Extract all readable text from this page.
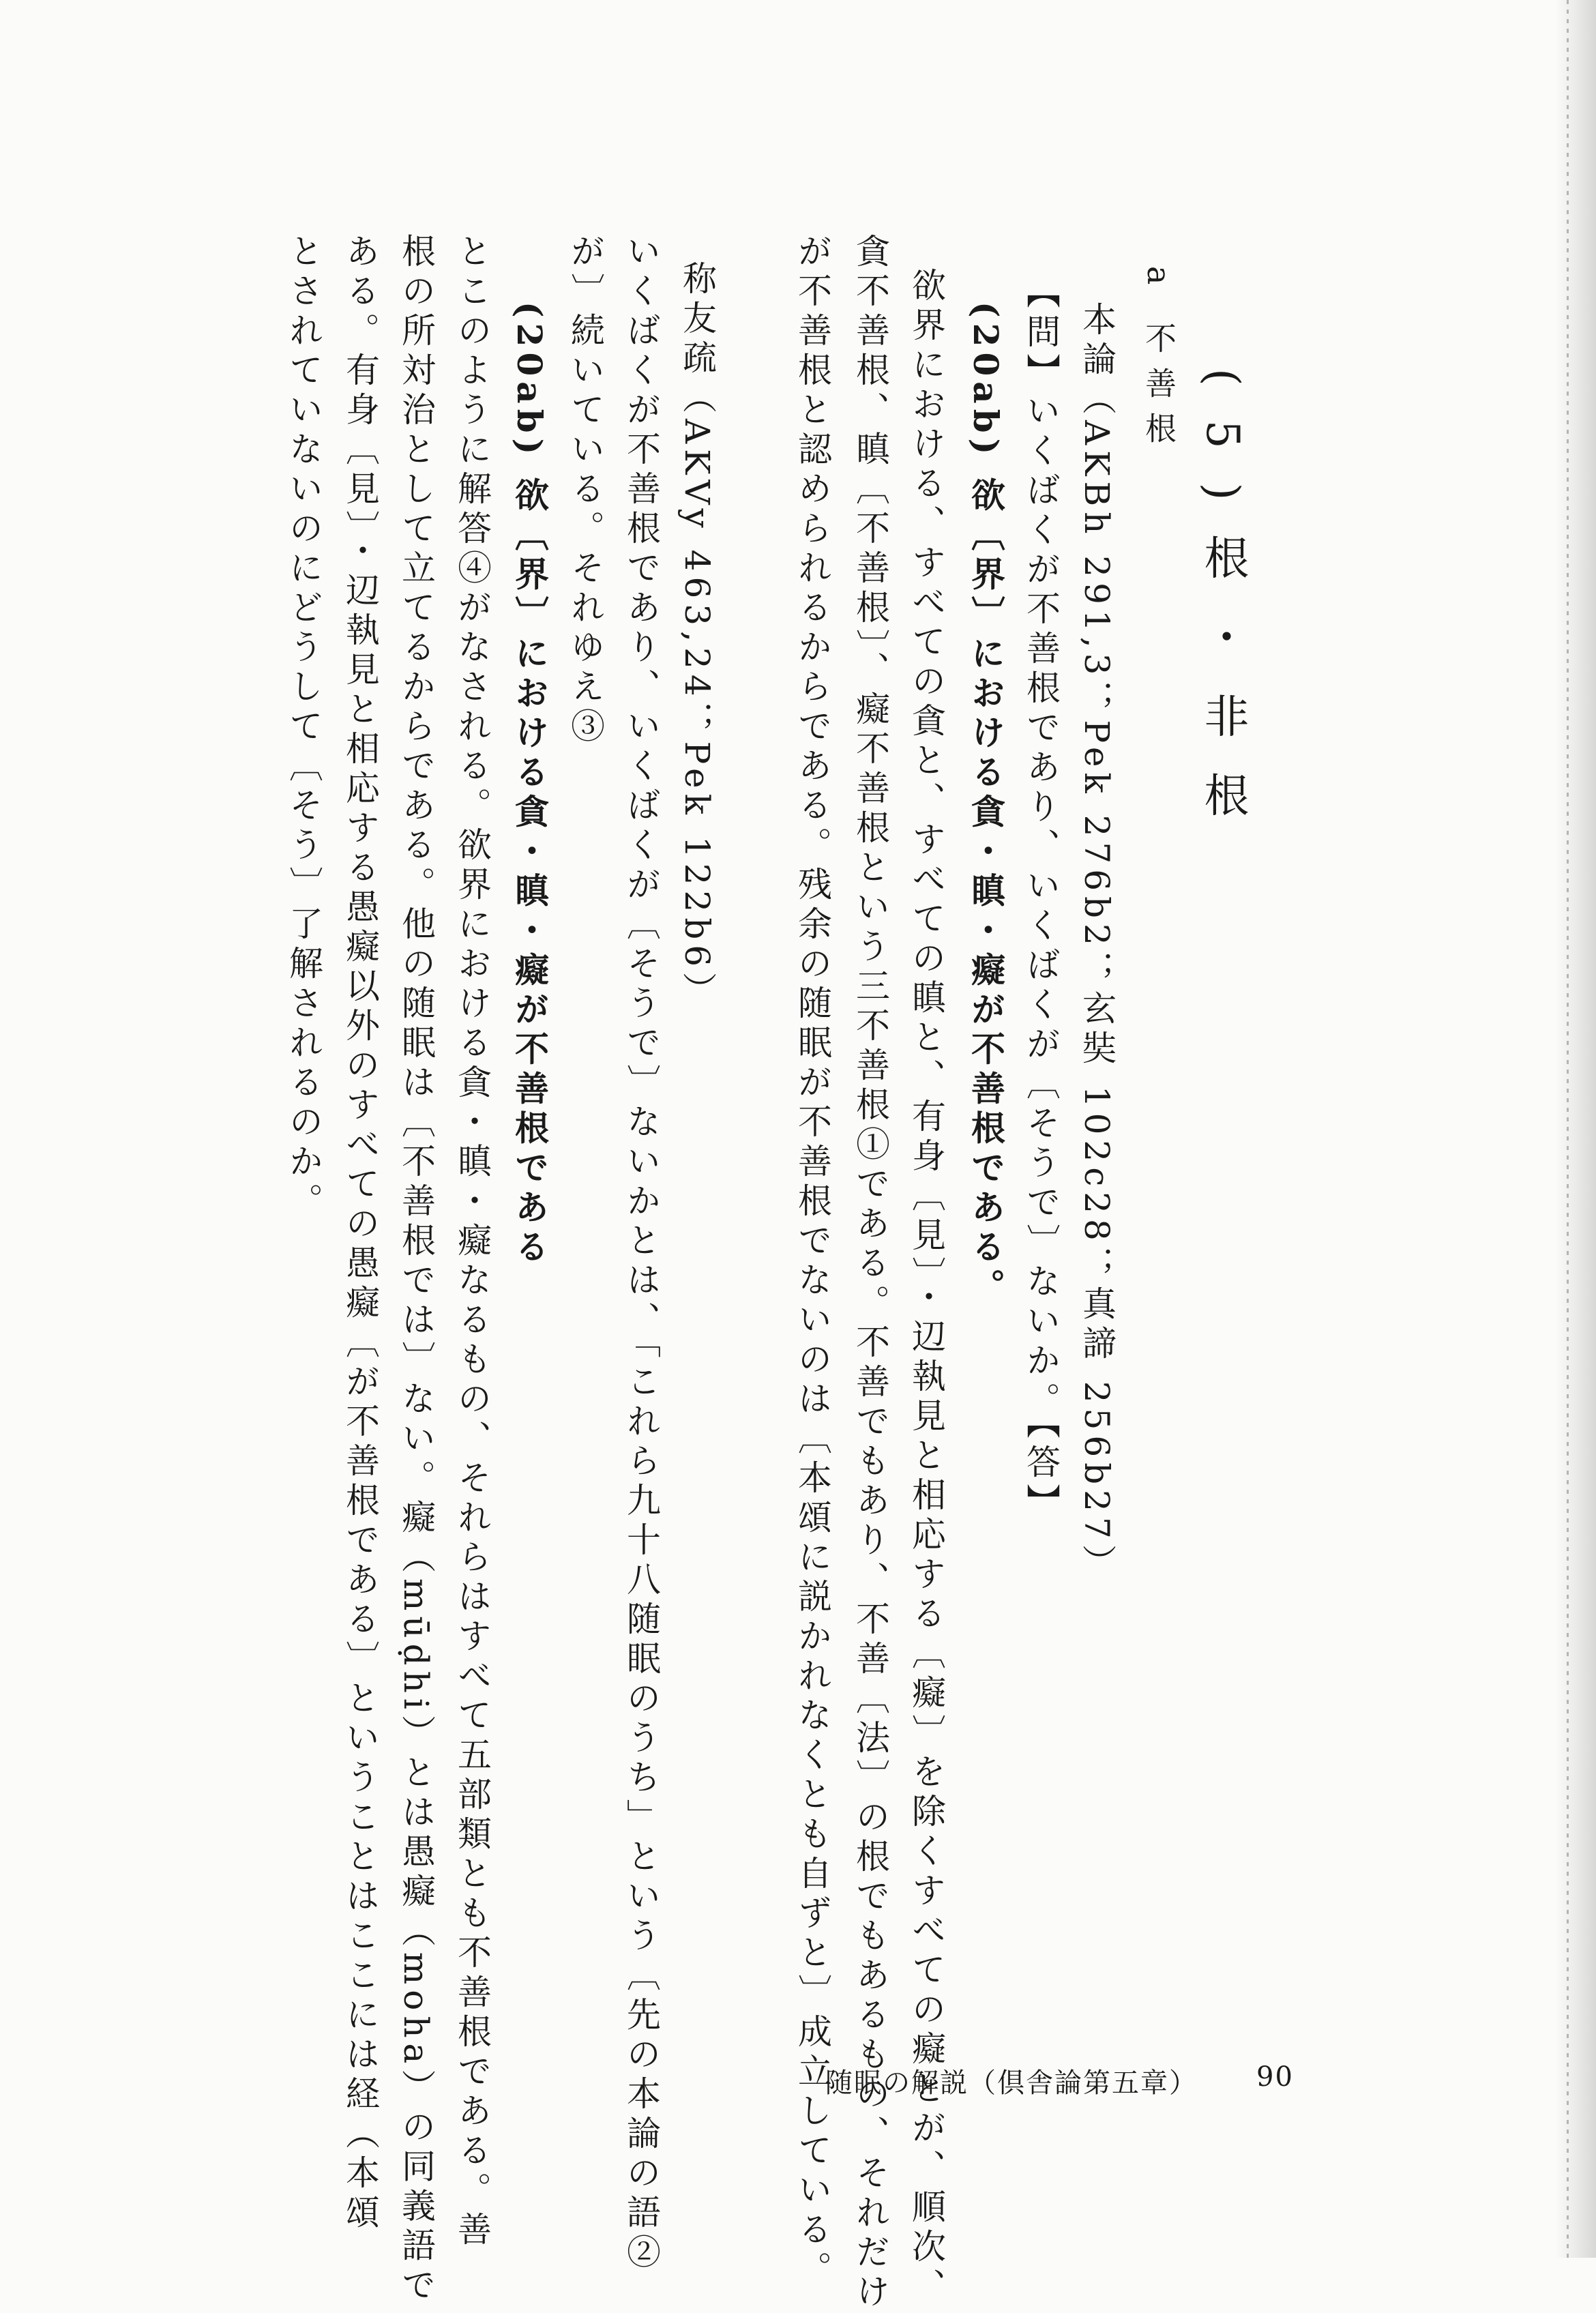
(5)根・非根
a 不善根
本論（AKBh 291,3；Pek 276b2；玄奘 102c28；真諦 256b27）
【問】いくばくが不善根であり、いくばくが〔そうで〕ないか。【答】
(20ab) 欲〔界〕における貪・瞋・癡が不善根である。
欲界における、すべての貪と、すべての瞋と、有身〔見〕・辺執見と相応する〔癡〕を除くすべての癡とが、順次、
貪不善根、瞋〔不善根〕、癡不善根という三不善根①である。不善でもあり、不善〔法〕の根でもあるもの、それだけ
が不善根と認められるからである。残余の随眠が不善根でないのは〔本頌に説かれなくとも自ずと〕成立している。
称友疏（AKVy 463,24；Pek 122b6）
いくばくが不善根であり、いくばくが〔そうで〕ないかとは、「これら九十八随眠のうち」という〔先の本論の語②
が〕続いている。それゆえ③
(20ab) 欲〔界〕における貪・瞋・癡が不善根である
とこのように解答④がなされる。欲界における貪・瞋・癡なるもの、それらはすべて五部類とも不善根である。善
根の所対治として立てるからである。他の随眠は〔不善根では〕ない。癡（mūḍhi）とは愚癡（moha）の同義語で
ある。有身〔見〕・辺執見と相応する愚癡以外のすべての愚癡〔が不善根である〕ということはここには経（本頌
とされていないのにどうして〔そう〕了解されるのか。
随眠の解説（倶舎論第五章） 90
